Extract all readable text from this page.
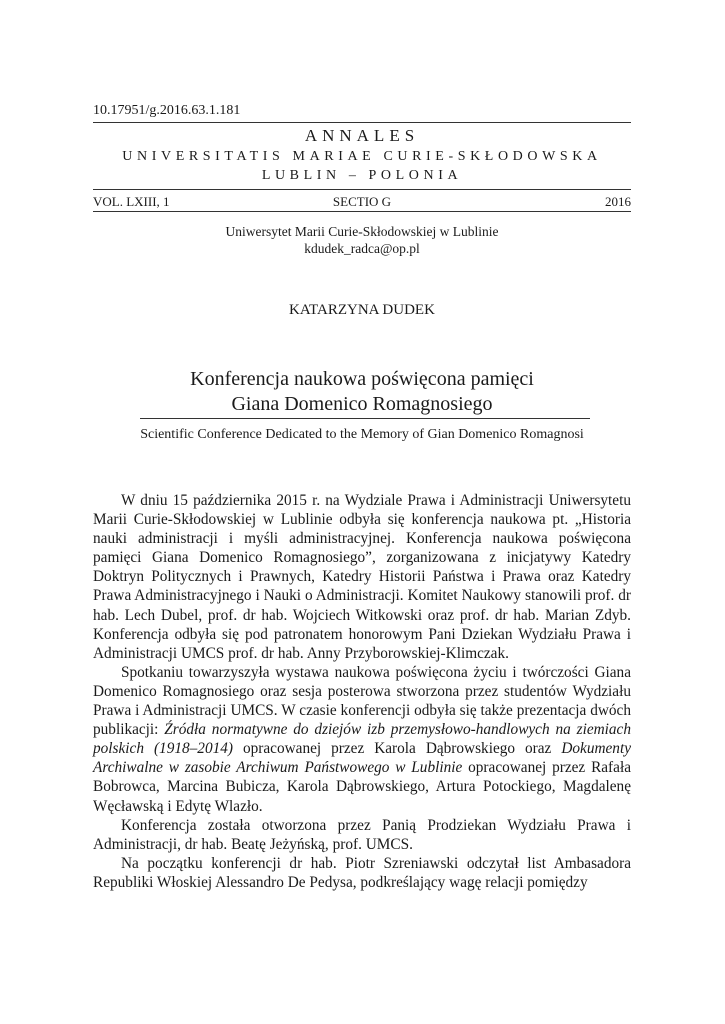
10.17951/g.2016.63.1.181
ANNALES
UNIVERSITATIS MARIAE CURIE-SKŁODOWSKA
LUBLIN – POLONIA
VOL. LXIII, 1	SECTIO G	2016
Uniwersytet Marii Curie-Skłodowskiej w Lublinie
kdudek_radca@op.pl
KATARZYNA DUDEK
Konferencja naukowa poświęcona pamięci
Giana Domenico Romagnosiego
Scientific Conference Dedicated to the Memory of Gian Domenico Romagnosi

W dniu 15 października 2015 r. na Wydziale Prawa i Administracji Uniwersytetu Marii Curie-Skłodowskiej w Lublinie odbyła się konferencja naukowa pt. „Historia nauki administracji i myśli administracyjnej. Konferencja naukowa poświęcona pamięci Giana Domenico Romagnosiego”, zorganizowana z inicjatywy Katedry Doktryn Politycznych i Prawnych, Katedry Historii Państwa i Prawa oraz Katedry Prawa Administracyjnego i Nauki o Administracji. Komitet Naukowy stanowili prof. dr hab. Lech Dubel, prof. dr hab. Wojciech Witkowski oraz prof. dr hab. Marian Zdyb. Konferencja odbyła się pod patronatem honorowym Pani Dziekan Wydziału Prawa i Administracji UMCS prof. dr hab. Anny Przyborowskiej-Klimczak.

Spotkaniu towarzyszyła wystawa naukowa poświęcona życiu i twórczości Giana Domenico Romagnosiego oraz sesja posterowa stworzona przez studentów Wydziału Prawa i Administracji UMCS. W czasie konferencji odbyła się także prezentacja dwóch publikacji: Źródła normatywne do dziejów izb przemysłowo-handlowych na ziemiach polskich (1918–2014) opracowanej przez Karola Dąbrowskiego oraz Dokumenty Archiwalne w zasobie Archiwum Państwowego w Lublinie opracowanej przez Rafała Bobrowca, Marcina Bubicza, Karola Dąbrowskiego, Artura Potockiego, Magdalenę Węcławską i Edytę Wlazło.

Konferencja została otworzona przez Panią Prodziekan Wydziału Prawa i Administracji, dr hab. Beatę Jeżyńską, prof. UMCS.

Na początku konferencji dr hab. Piotr Szreniawski odczytał list Ambasadora Republiki Włoskiej Alessandro De Pedysa, podkreślający wagę relacji pomiędzy
